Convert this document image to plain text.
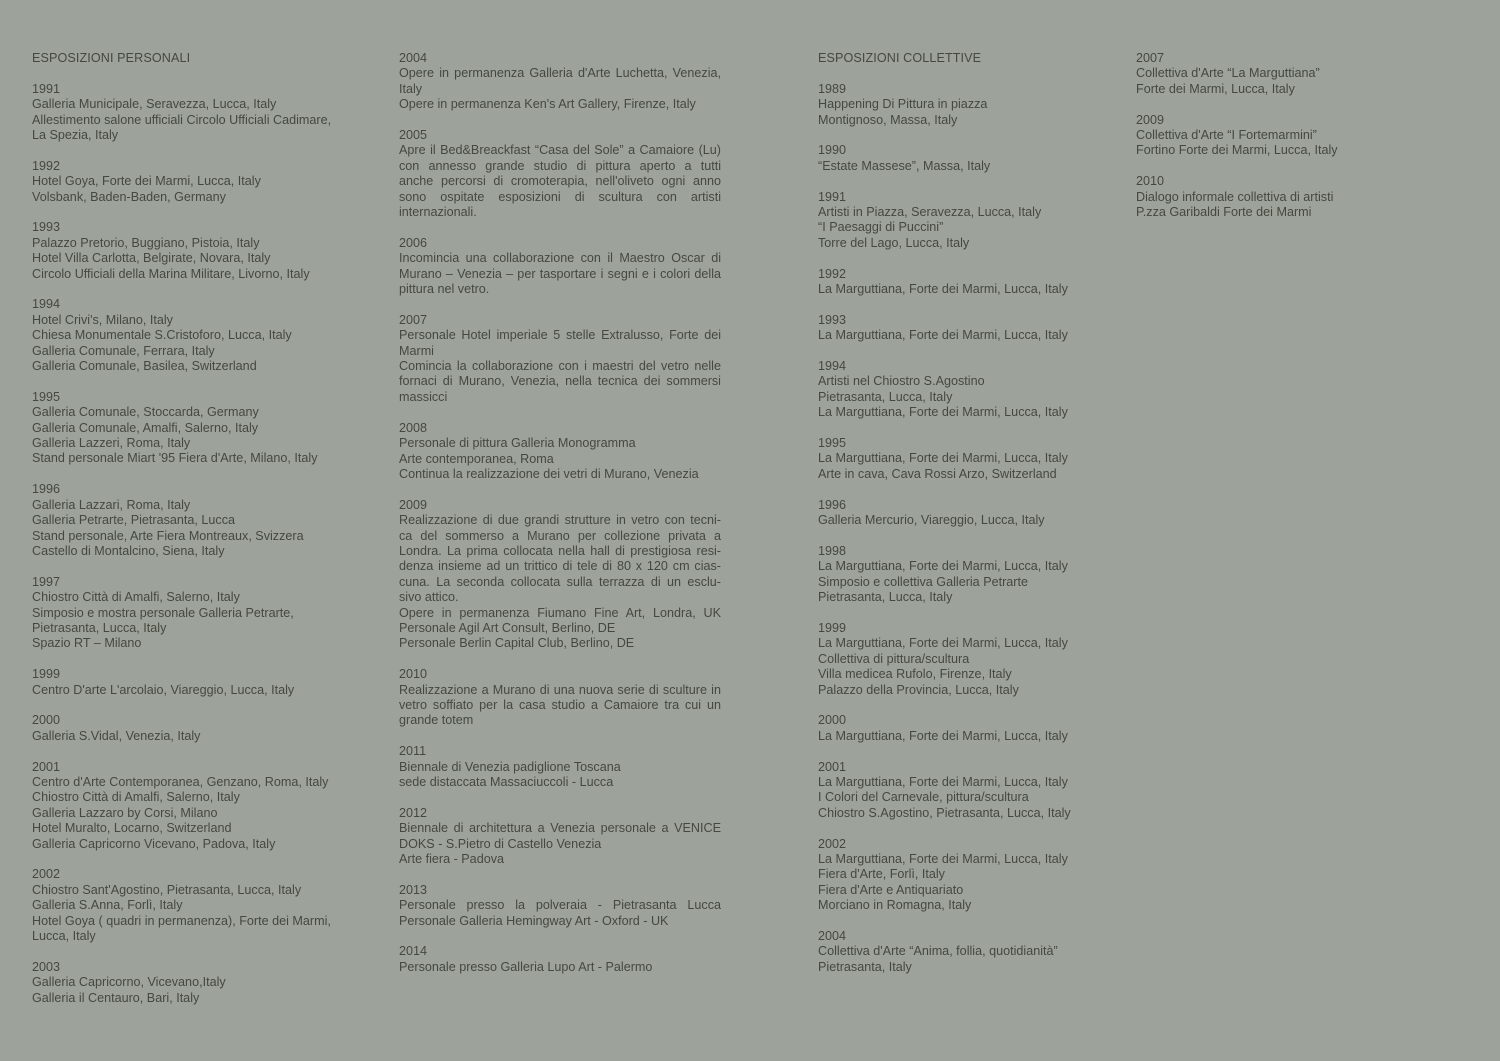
ESPOSIZIONI PERSONALI
1991
Galleria Municipale, Seravezza, Lucca, Italy
Allestimento salone ufficiali Circolo Ufficiali Cadimare,
La Spezia, Italy
1992
Hotel Goya, Forte dei Marmi, Lucca, Italy
Volsbank, Baden-Baden, Germany
1993
Palazzo Pretorio, Buggiano, Pistoia, Italy
Hotel Villa Carlotta, Belgirate, Novara, Italy
Circolo Ufficiali della Marina Militare, Livorno, Italy
1994
Hotel Crivi's, Milano, Italy
Chiesa Monumentale S.Cristoforo, Lucca, Italy
Galleria Comunale, Ferrara, Italy
Galleria Comunale, Basilea, Switzerland
1995
Galleria Comunale, Stoccarda, Germany
Galleria Comunale, Amalfi, Salerno, Italy
Galleria Lazzeri, Roma, Italy
Stand personale Miart '95 Fiera d'Arte, Milano, Italy
1996
Galleria Lazzari, Roma, Italy
Galleria Petrarte, Pietrasanta, Lucca
Stand personale, Arte Fiera Montreaux, Svizzera
Castello di Montalcino, Siena, Italy
1997
Chiostro Città di Amalfi, Salerno, Italy
Simposio e mostra personale Galleria Petrarte,
Pietrasanta, Lucca, Italy
Spazio RT – Milano
1999
Centro D'arte L'arcolaio, Viareggio, Lucca, Italy
2000
Galleria S.Vidal, Venezia, Italy
2001
Centro d'Arte Contemporanea, Genzano, Roma, Italy
Chiostro Città di Amalfi, Salerno, Italy
Galleria Lazzaro by Corsi, Milano
Hotel Muralto, Locarno, Switzerland
Galleria Capricorno Vicevano, Padova, Italy
2002
Chiostro Sant'Agostino, Pietrasanta, Lucca, Italy
Galleria S.Anna, Forlì, Italy
Hotel Goya ( quadri in permanenza), Forte dei Marmi,
Lucca, Italy
2003
Galleria Capricorno, Vicevano,Italy
Galleria il Centauro, Bari, Italy
2004
Opere in permanenza Galleria d'Arte Luchetta, Venezia,
Italy
Opere in permanenza Ken's Art Gallery, Firenze, Italy
2005
Apre il Bed&Breackfast “Casa del Sole” a Camaiore (Lu)
con annesso grande studio di pittura aperto a tutti
anche percorsi di cromoterapia, nell'oliveto ogni anno
sono ospitate esposizioni di scultura con artisti
internazionali.
2006
Incomincia una collaborazione con il Maestro Oscar di
Murano – Venezia – per tasportare i segni e i colori della
pittura nel vetro.
2007
Personale Hotel imperiale 5 stelle Extralusso, Forte dei
Marmi
Comincia la collaborazione con i maestri del vetro nelle
fornaci di Murano, Venezia, nella tecnica dei sommersi
massicci
2008
Personale di pittura Galleria Monogramma
Arte contemporanea, Roma
Continua la realizzazione dei vetri di Murano, Venezia
2009
Realizzazione di due grandi strutture in vetro con tecni-
ca del sommerso a Murano per collezione privata a
Londra. La prima collocata nella hall di prestigiosa resi-
denza insieme ad un trittico di tele di 80 x 120 cm cias-
cuna. La seconda collocata sulla terrazza di un esclu-
sivo attico.
Opere in permanenza Fiumano Fine Art, Londra, UK
Personale Agil Art Consult, Berlino, DE
Personale Berlin Capital Club, Berlino, DE
2010
Realizzazione a Murano di una nuova serie di sculture in
vetro soffiato per la casa studio a Camaiore tra cui un
grande totem
2011
Biennale di Venezia padiglione Toscana
sede distaccata Massaciuccoli - Lucca
2012
Biennale di architettura a Venezia personale a VENICE
DOKS - S.Pietro di Castello Venezia
Arte fiera - Padova
2013
Personale presso la polveraia - Pietrasanta Lucca
Personale Galleria Hemingway Art - Oxford - UK
2014
Personale presso Galleria Lupo Art - Palermo
ESPOSIZIONI COLLETTIVE
1989
Happening Di Pittura in piazza
Montignoso, Massa, Italy
1990
“Estate Massese”, Massa, Italy
1991
Artisti in Piazza, Seravezza, Lucca, Italy
“I Paesaggi di Puccini”
Torre del Lago, Lucca, Italy
1992
La Marguttiana, Forte dei Marmi, Lucca, Italy
1993
La Marguttiana, Forte dei Marmi, Lucca, Italy
1994
Artisti nel Chiostro S.Agostino
Pietrasanta, Lucca, Italy
La Marguttiana, Forte dei Marmi, Lucca, Italy
1995
La Marguttiana, Forte dei Marmi, Lucca, Italy
Arte in cava, Cava Rossi Arzo, Switzerland
1996
Galleria Mercurio, Viareggio, Lucca, Italy
1998
La Marguttiana, Forte dei Marmi, Lucca, Italy
Simposio e collettiva Galleria Petrarte
Pietrasanta, Lucca, Italy
1999
La Marguttiana, Forte dei Marmi, Lucca, Italy
Collettiva di pittura/scultura
Villa medicea Rufolo, Firenze, Italy
Palazzo della Provincia, Lucca, Italy
2000
La Marguttiana, Forte dei Marmi, Lucca, Italy
2001
La Marguttiana, Forte dei Marmi, Lucca, Italy
I Colori del Carnevale, pittura/scultura
Chiostro S.Agostino, Pietrasanta, Lucca, Italy
2002
La Marguttiana, Forte dei Marmi, Lucca, Italy
Fiera d'Arte, Forlì, Italy
Fiera d'Arte e Antiquariato
Morciano in Romagna, Italy
2004
Collettiva d'Arte “Anima, follia, quotidianità”
Pietrasanta, Italy
2007
Collettiva d'Arte “La Marguttiana”
Forte dei Marmi, Lucca, Italy
2009
Collettiva d'Arte “I Fortemarmini”
Fortino Forte dei Marmi, Lucca, Italy
2010
Dialogo informale collettiva di artisti
P.zza Garibaldi Forte dei Marmi
